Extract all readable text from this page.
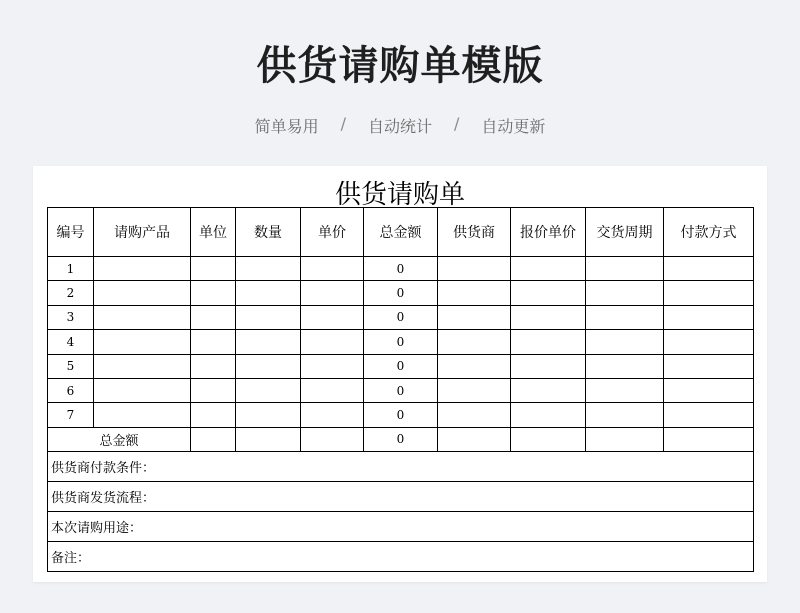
供货请购单模版
简单易用 / 自动统计 / 自动更新
供货请购单
编号	请购产品	单位	数量	单价	总金额	供货商	报价单价	交货周期	付款方式
1					0				
2					0				
3					0				
4					0				
5					0				
6					0				
7					0				
总金额					0				
供货商付款条件：									
供货商发货流程：									
本次请购用途：									
备注：									
